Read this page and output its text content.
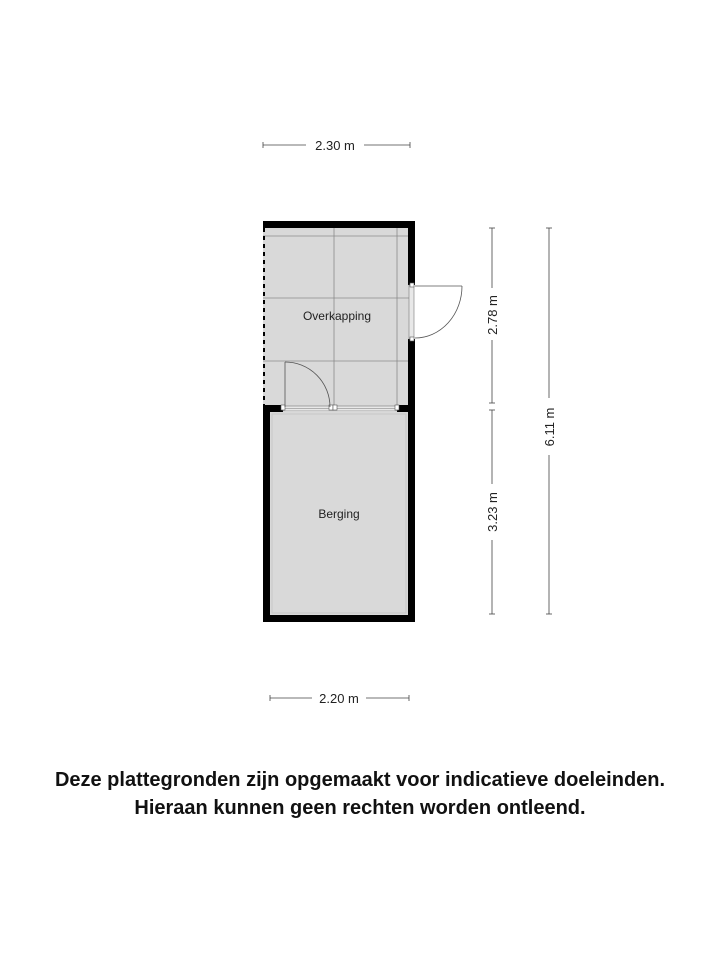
Overkapping
Berging
2.30 m
2.20 m
2.78 m
3.23 m
6.11 m
Deze plattegronden zijn opgemaakt voor indicatieve doeleinden.
Hieraan kunnen geen rechten worden ontleend.
